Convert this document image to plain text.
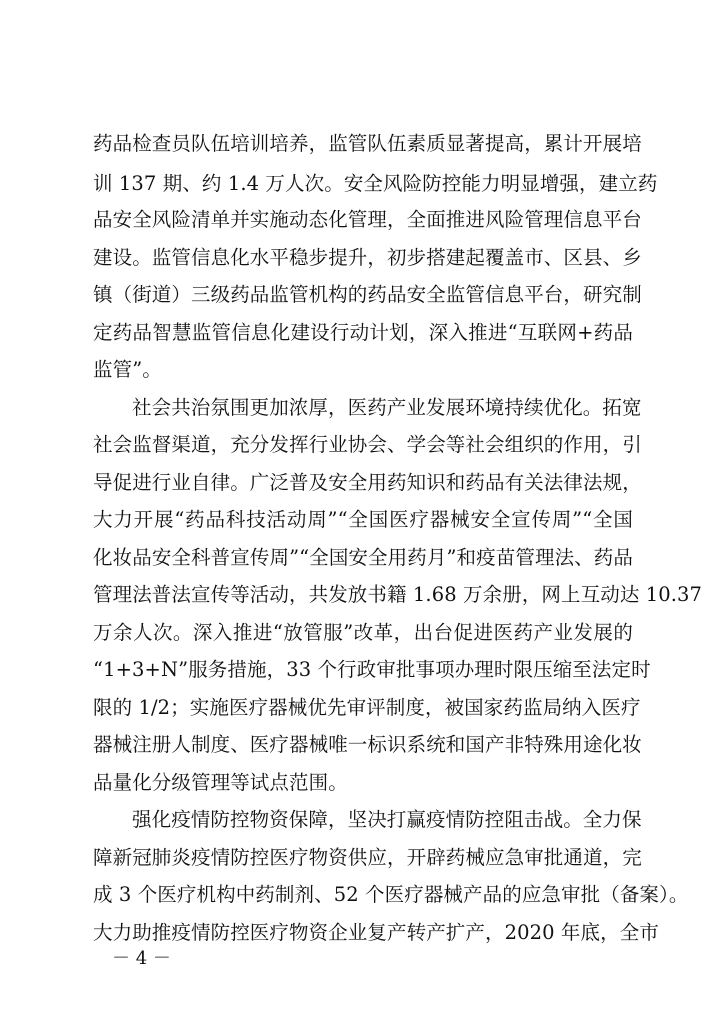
药品检查员队伍培训培养，监管队伍素质显著提高，累计开展培
训 137 期、约 1.4 万人次。安全风险防控能力明显增强，建立药
品安全风险清单并实施动态化管理，全面推进风险管理信息平台
建设。监管信息化水平稳步提升，初步搭建起覆盖市、区县、乡
镇（街道）三级药品监管机构的药品安全监管信息平台，研究制
定药品智慧监管信息化建设行动计划，深入推进“互联网+药品
监管”。
社会共治氛围更加浓厚，医药产业发展环境持续优化。拓宽
社会监督渠道，充分发挥行业协会、学会等社会组织的作用，引
导促进行业自律。广泛普及安全用药知识和药品有关法律法规，
大力开展“药品科技活动周”“全国医疗器械安全宣传周”“全国
化妆品安全科普宣传周”“全国安全用药月”和疫苗管理法、药品
管理法普法宣传等活动，共发放书籍 1.68 万余册，网上互动达 10.37
万余人次。深入推进“放管服”改革，出台促进医药产业发展的
“1+3+N”服务措施，33 个行政审批事项办理时限压缩至法定时
限的 1/2；实施医疗器械优先审评制度，被国家药监局纳入医疗
器械注册人制度、医疗器械唯一标识系统和国产非特殊用途化妆
品量化分级管理等试点范围。
强化疫情防控物资保障，坚决打赢疫情防控阻击战。全力保
障新冠肺炎疫情防控医疗物资供应，开辟药械应急审批通道，完
成 3 个医疗机构中药制剂、52 个医疗器械产品的应急审批（备案）。
大力助推疫情防控医疗物资企业复产转产扩产，2020 年底，全市
－ 4 －
